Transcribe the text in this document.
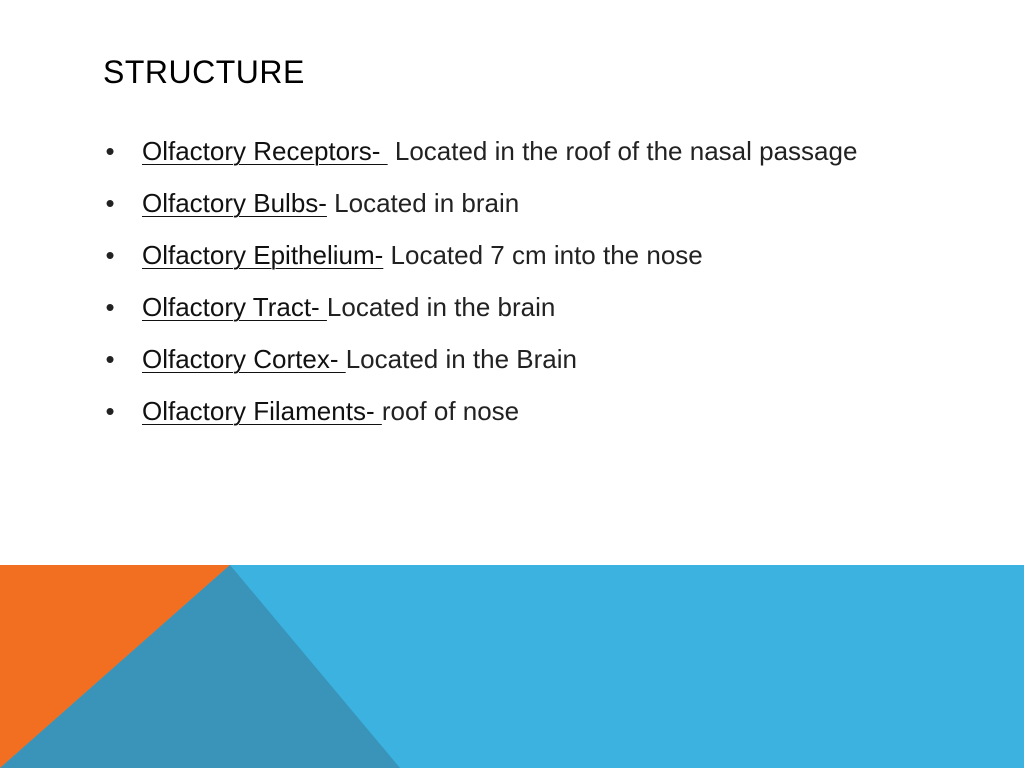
STRUCTURE
• Olfactory Receptors-  Located in the roof of the nasal passage
• Olfactory Bulbs- Located in brain
• Olfactory Epithelium- Located 7 cm into the nose
• Olfactory Tract- Located in the brain
• Olfactory Cortex- Located in the Brain
• Olfactory Filaments- roof of nose
